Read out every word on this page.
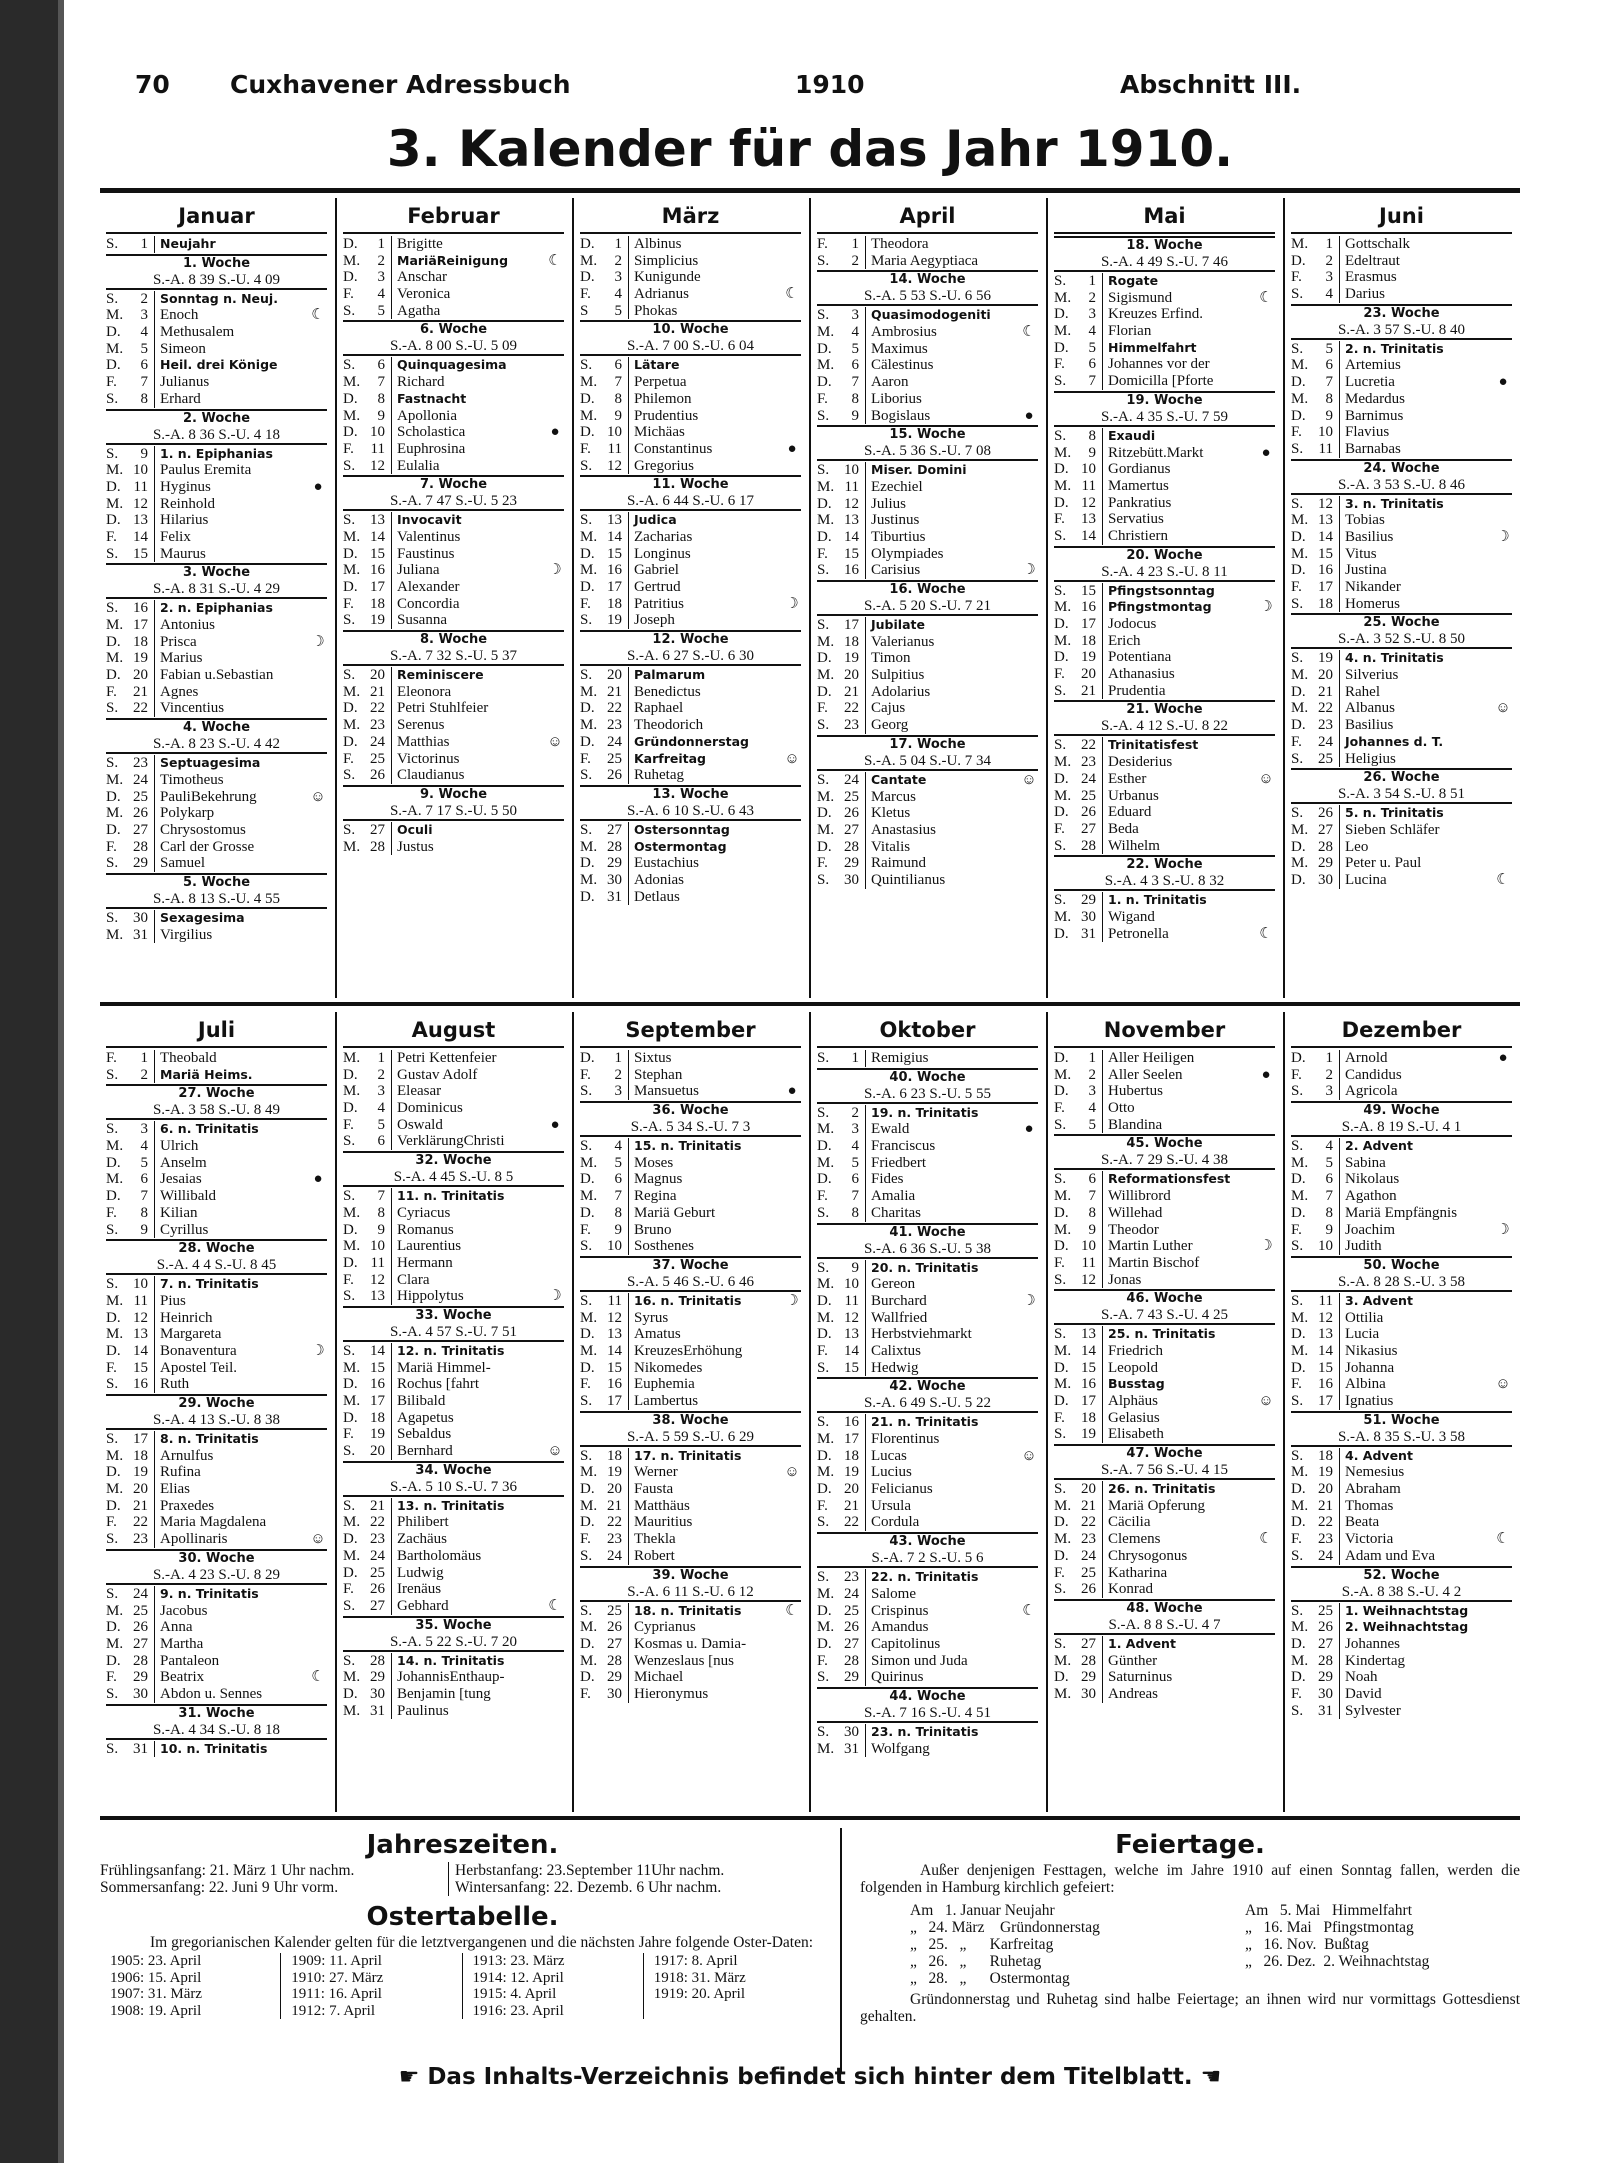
70 Cuxhavener Adressbuch	1910	Abschnitt III.
3. Kalender für das Jahr 1910.
Januar
S.	1 Neujahr
1. Woche
S.-A. 8 39 S.-U. 4 09
S.	2 Sonntag n. Neuj.
M.	3 Enoch	☾
D.	4 Methusalem
M.	5 Simeon
D.	6 Heil. drei Könige
F.	7 Julianus
S.	8 Erhard
2. Woche
S.-A. 8 36 S.-U. 4 18
S.	9 1. n. Epiphanias
M. 10 Paulus Eremita
D. 11 Hyginus	●
M. 12 Reinhold
D. 13 Hilarius
F.	14 Felix
S. 15 Maurus
3. Woche
S.-A. 8 31 S.-U. 4 29
S. 16 2. n. Epiphanias
M. 17 Antonius
D. 18 Prisca	☽
M. 19 Marius
D. 20 Fabian u.Sebastian
F.	21 Agnes
S. 22 Vincentius
4. Woche
S.-A. 8 23 S.-U. 4 42
S. 23 Septuagesima
M. 24 Timotheus
D. 25 PauliBekehrung	☺
M. 26 Polykarp
D. 27 Chrysostomus
F.	28 Carl der Grosse
S. 29 Samuel
5. Woche
S.-A. 8 13 S.-U. 4 55
S. 30 Sexagesima
M. 31 Virgilius
Februar
D.	1 Brigitte
M.	2 MariäReinigung	☾
D.	3 Anschar
F.	4 Veronica
S.	5 Agatha
6. Woche
S.-A. 8 00 S.-U. 5 09
S.	6 Quinquagesima
M.	7 Richard
D.	8 Fastnacht
M.	9 Apollonia
D. 10 Scholastica	●
F.	11 Euphrosina
S. 12 Eulalia
7. Woche
S.-A. 7 47 S.-U. 5 23
S. 13 Invocavit
M. 14 Valentinus
D. 15 Faustinus
M. 16 Juliana	☽
D. 17 Alexander
F.	18 Concordia
S. 19 Susanna
8. Woche
S.-A. 7 32 S.-U. 5 37
S. 20 Reminiscere
M. 21 Eleonora
D. 22 Petri Stuhlfeier
M. 23 Serenus
D. 24 Matthias	☺
F.	25 Victorinus
S. 26 Claudianus
9. Woche
S.-A. 7 17 S.-U. 5 50
S. 27 Oculi
M. 28 Justus
März
D.	1 Albinus
M.	2 Simplicius
D.	3 Kunigunde
F.	4 Adrianus	☾
S	5 Phokas
10. Woche
S.-A. 7 00 S.-U. 6 04
S.	6 Lätare
M.	7 Perpetua
D.	8 Philemon
M.	9 Prudentius
D. 10 Michäas
F.	11 Constantinus	●
S. 12 Gregorius
11. Woche
S.-A. 6 44 S.-U. 6 17
S. 13 Judica
M. 14 Zacharias
D. 15 Longinus
M. 16 Gabriel
D. 17 Gertrud
F.	18 Patritius	☽
S. 19 Joseph
12. Woche
S.-A. 6 27 S.-U. 6 30
S. 20 Palmarum
M. 21 Benedictus
D. 22 Raphael
M. 23 Theodorich
D. 24 Gründonnerstag
F.	25 Karfreitag	☺
S. 26 Ruhetag
13. Woche
S.-A. 6 10 S.-U. 6 43
S. 27 Ostersonntag
M. 28 Ostermontag
D. 29 Eustachius
M. 30 Adonias
D. 31 Detlaus
April
F.	1 Theodora
S.	2 Maria Aegyptiaca
14. Woche
S.-A. 5 53 S.-U. 6 56
S.	3 Quasimodogeniti
M.	4 Ambrosius	☾
D.	5 Maximus
M.	6 Cälestinus
D.	7 Aaron
F.	8 Liborius
S.	9 Bogislaus	●
15. Woche
S.-A. 5 36 S.-U. 7 08
S. 10 Miser. Domini
M. 11 Ezechiel
D. 12 Julius
M. 13 Justinus
D. 14 Tiburtius
F.	15 Olympiades
S. 16 Carisius	☽
16. Woche
S.-A. 5 20 S.-U. 7 21
S. 17 Jubilate
M. 18 Valerianus
D. 19 Timon
M. 20 Sulpitius
D. 21 Adolarius
F.	22 Cajus
S. 23 Georg
17. Woche
S.-A. 5 04 S.-U. 7 34
S. 24 Cantate	☺
M. 25 Marcus
D. 26 Kletus
M. 27 Anastasius
D. 28 Vitalis
F.	29 Raimund
S. 30 Quintilianus
Mai
18. Woche
S.-A. 4 49 S.-U. 7 46
S.	1 Rogate
M.	2 Sigismund	☾
D.	3 Kreuzes Erfind.
M.	4 Florian
D.	5 Himmelfahrt
F.	6 Johannes vor der
S.	7 Domicilla [Pforte
19. Woche
S.-A. 4 35 S.-U. 7 59
S.	8 Exaudi
M.	9 Ritzebütt.Markt	●
D. 10 Gordianus
M. 11 Mamertus
D. 12 Pankratius
F.	13 Servatius
S. 14 Christiern
20. Woche
S.-A. 4 23 S.-U. 8 11
S. 15 Pfingstsonntag
M. 16 Pfingstmontag	☽
D. 17 Jodocus
M. 18 Erich
D. 19 Potentiana
F.	20 Athanasius
S. 21 Prudentia
21. Woche
S.-A. 4 12 S.-U. 8 22
S. 22 Trinitatisfest
M. 23 Desiderius
D. 24 Esther	☺
M. 25 Urbanus
D. 26 Eduard
F.	27 Beda
S. 28 Wilhelm
22. Woche
S.-A. 4 3 S.-U. 8 32
S. 29 1. n. Trinitatis
M. 30 Wigand
D. 31 Petronella	☾
Juni
M.	1 Gottschalk
D.	2 Edeltraut
F.	3 Erasmus
S.	4 Darius
23. Woche
S.-A. 3 57 S.-U. 8 40
S.	5 2. n. Trinitatis
M.	6 Artemius
D.	7 Lucretia	●
M.	8 Medardus
D.	9 Barnimus
F.	10 Flavius
S.	11 Barnabas
24. Woche
S.-A. 3 53 S.-U. 8 46
S. 12 3. n. Trinitatis
M. 13 Tobias
D. 14 Basilius	☽
M. 15 Vitus
D. 16 Justina
F.	17 Nikander
S. 18 Homerus
25. Woche
S.-A. 3 52 S.-U. 8 50
S. 19 4. n. Trinitatis
M. 20 Silverius
D. 21 Rahel
M. 22 Albanus	☺
D. 23 Basilius
F.	24 Johannes d. T.
S. 25 Heligius
26. Woche
S.-A. 3 54 S.-U. 8 51
S. 26 5. n. Trinitatis
M. 27 Sieben Schläfer
D. 28 Leo
M. 29 Peter u. Paul
D. 30 Lucina	☾
Juli
F.	1 Theobald
S.	2 Mariä Heims.
27. Woche
S.-A. 3 58 S.-U. 8 49
S.	3 6. n. Trinitatis
M.	4 Ulrich
D.	5 Anselm
M.	6 Jesaias	●
D.	7 Willibald
F.	8 Kilian
S.	9 Cyrillus
28. Woche
S.-A. 4 4 S.-U. 8 45
S. 10 7. n. Trinitatis
M. 11 Pius
D. 12 Heinrich
M. 13 Margareta
D. 14 Bonaventura	☽
F.	15 Apostel Teil.
S. 16 Ruth
29. Woche
S.-A. 4 13 S.-U. 8 38
S. 17 8. n. Trinitatis
M. 18 Arnulfus
D. 19 Rufina
M. 20 Elias
D. 21 Praxedes
F.	22 Maria Magdalena
S. 23 Apollinaris	☺
30. Woche
S.-A. 4 23 S.-U. 8 29
S. 24 9. n. Trinitatis
M. 25 Jacobus
D. 26 Anna
M. 27 Martha
D. 28 Pantaleon
F.	29 Beatrix	☾
S. 30 Abdon u. Sennes
31. Woche
S.-A. 4 34 S.-U. 8 18
S. 31 10. n. Trinitatis
August
M.	1 Petri Kettenfeier
D.	2 Gustav Adolf
M.	3 Eleasar
D.	4 Dominicus
F.	5 Oswald	●
S.	6 VerklärungChristi
32. Woche
S.-A. 4 45 S.-U. 8 5
S.	7 11. n. Trinitatis
M.	8 Cyriacus
D.	9 Romanus
M. 10 Laurentius
D. 11 Hermann
F.	12 Clara
S. 13 Hippolytus	☽
33. Woche
S.-A. 4 57 S.-U. 7 51
S. 14 12. n. Trinitatis
M. 15 Mariä Himmel-
D. 16 Rochus [fahrt
M. 17 Bilibald
D. 18 Agapetus
F.	19 Sebaldus
S. 20 Bernhard	☺
34. Woche
S.-A. 5 10 S.-U. 7 36
S. 21 13. n. Trinitatis
M. 22 Philibert
D. 23 Zachäus
M. 24 Bartholomäus
D. 25 Ludwig
F.	26 Irenäus
S. 27 Gebhard	☾
35. Woche
S.-A. 5 22 S.-U. 7 20
S. 28 14. n. Trinitatis
M. 29 JohannisEnthaup-
D. 30 Benjamin [tung
M. 31 Paulinus
September
D.	1 Sixtus
F.	2 Stephan
S.	3 Mansuetus	●
36. Woche
S.-A. 5 34 S.-U. 7 3
S.	4 15. n. Trinitatis
M.	5 Moses
D.	6 Magnus
M.	7 Regina
D.	8 Mariä Geburt
F.	9 Bruno
S. 10 Sosthenes
37. Woche
S.-A. 5 46 S.-U. 6 46
S.	11 16. n. Trinitatis	☽
M. 12 Syrus
D. 13 Amatus
M. 14 KreuzesErhöhung
D. 15 Nikomedes
F.	16 Euphemia
S. 17 Lambertus
38. Woche
S.-A. 5 59 S.-U. 6 29
S. 18 17. n. Trinitatis
M. 19 Werner	☺
D. 20 Fausta
M. 21 Matthäus
D. 22 Mauritius
F.	23 Thekla
S. 24 Robert
39. Woche
S.-A. 6 11 S.-U. 6 12
S. 25 18. n. Trinitatis	☾
M. 26 Cyprianus
D. 27 Kosmas u. Damia-
M. 28 Wenzeslaus [nus
D. 29 Michael
F.	30 Hieronymus
Oktober
S.	1 Remigius
40. Woche
S.-A. 6 23 S.-U. 5 55
S.	2 19. n. Trinitatis
M.	3 Ewald	●
D.	4 Franciscus
M.	5 Friedbert
D.	6 Fides
F.	7 Amalia
S.	8 Charitas
41. Woche
S.-A. 6 36 S.-U. 5 38
S.	9 20. n. Trinitatis
M. 10 Gereon
D. 11 Burchard	☽
M. 12 Wallfried
D. 13 Herbstviehmarkt
F.	14 Calixtus
S. 15 Hedwig
42. Woche
S.-A. 6 49 S.-U. 5 22
S. 16 21. n. Trinitatis
M. 17 Florentinus
D. 18 Lucas	☺
M. 19 Lucius
D. 20 Felicianus
F.	21 Ursula
S. 22 Cordula
43. Woche
S.-A. 7 2 S.-U. 5 6
S. 23 22. n. Trinitatis
M. 24 Salome
D. 25 Crispinus	☾
M. 26 Amandus
D. 27 Capitolinus
F.	28 Simon und Juda
S. 29 Quirinus
44. Woche
S.-A. 7 16 S.-U. 4 51
S. 30 23. n. Trinitatis
M. 31 Wolfgang
November
D.	1 Aller Heiligen
M.	2 Aller Seelen	●
D.	3 Hubertus
F.	4 Otto
S.	5 Blandina
45. Woche
S.-A. 7 29 S.-U. 4 38
S.	6 Reformationsfest
M.	7 Willibrord
D.	8 Willehad
M.	9 Theodor
D. 10 Martin Luther	☽
F.	11 Martin Bischof
S. 12 Jonas
46. Woche
S.-A. 7 43 S.-U. 4 25
S. 13 25. n. Trinitatis
M. 14 Friedrich
D. 15 Leopold
M. 16 Busstag
D. 17 Alphäus	☺
F.	18 Gelasius
S. 19 Elisabeth
47. Woche
S.-A. 7 56 S.-U. 4 15
S. 20 26. n. Trinitatis
M. 21 Mariä Opferung
D. 22 Cäcilia
M. 23 Clemens	☾
D. 24 Chrysogonus
F.	25 Katharina
S. 26 Konrad
48. Woche
S.-A. 8 8 S.-U. 4 7
S. 27 1. Advent
M. 28 Günther
D. 29 Saturninus
M. 30 Andreas
Dezember
D.	1 Arnold	●
F.	2 Candidus
S.	3 Agricola
49. Woche
S.-A. 8 19 S.-U. 4 1
S.	4 2. Advent
M.	5 Sabina
D.	6 Nikolaus
M.	7 Agathon
D.	8 Mariä Empfängnis
F.	9 Joachim	☽
S. 10 Judith
50. Woche
S.-A. 8 28 S.-U. 3 58
S.	11 3. Advent
M. 12 Ottilia
D. 13 Lucia
M. 14 Nikasius
D. 15 Johanna
F.	16 Albina	☺
S. 17 Ignatius
51. Woche
S.-A. 8 35 S.-U. 3 58
S. 18 4. Advent
M. 19 Nemesius
D. 20 Abraham
M. 21 Thomas
D. 22 Beata
F.	23 Victoria	☾
S. 24 Adam und Eva
52. Woche
S.-A. 8 38 S.-U. 4 2
S. 25 1. Weihnachtstag
M. 26 2. Weihnachtstag
D. 27 Johannes
M. 28 Kindertag
D. 29 Noah
F.	30 David
S. 31 Sylvester
Jahreszeiten.
Frühlingsanfang: 21. März 1 Uhr nachm.	Herbstanfang: 23.September 11Uhr nachm.
Sommersanfang: 22. Juni 9 Uhr vorm.	Wintersanfang: 22. Dezemb. 6 Uhr nachm.
Ostertabelle.
Im gregorianischen Kalender gelten für die letztvergangenen und die nächsten Jahre folgende Oster-Daten:
1905: 23. April
1906: 15. April
1907: 31. März
1908: 19. April
1909: 11. April
1910: 27. März
1911: 16. April
1912: 7. April
1913: 23. März
1914: 12. April
1915: 4. April
1916: 23. April
1917: 8. April
1918: 31. März
1919: 20. April
Feiertage.
Außer denjenigen Festtagen, welche im Jahre 1910 auf einen Sonntag fallen, werden die folgenden in Hamburg kirchlich gefeiert:
Am   1. Januar Neujahr
„   24. März    Gründonnerstag
„   25.   „      Karfreitag
„   26.   „      Ruhetag
„   28.   „      Ostermontag
Am   5. Mai   Himmelfahrt
„   16. Mai   Pfingstmontag
„   16. Nov.  Bußtag
„   26. Dez.  2. Weihnachtstag
Gründonnerstag und Ruhetag sind halbe Feiertage; an ihnen wird nur vormittags Gottesdienst gehalten.
☛ Das Inhalts-Verzeichnis befindet sich hinter dem Titelblatt. ☚
